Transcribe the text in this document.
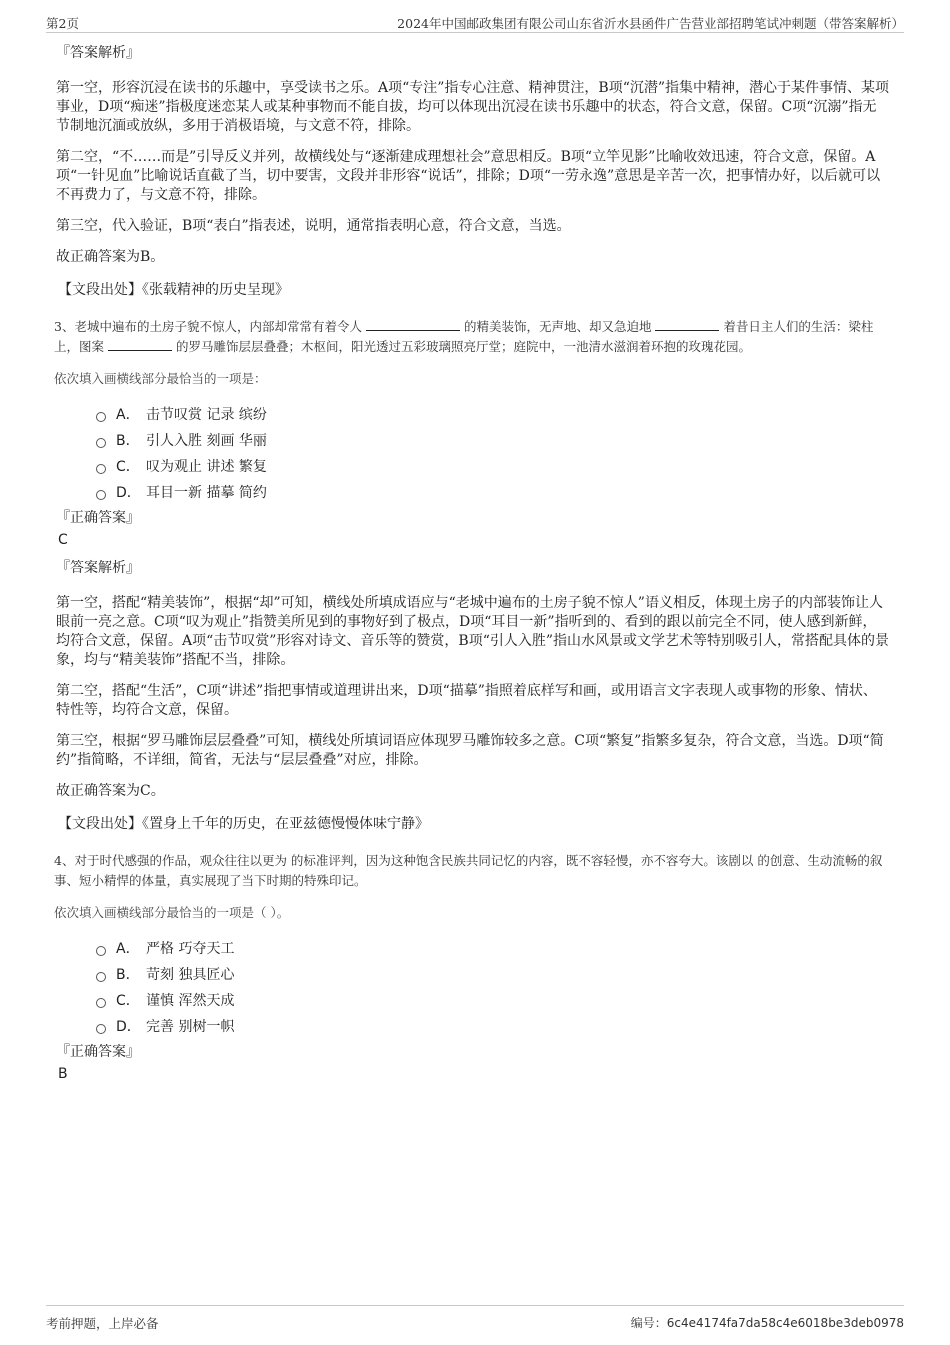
第2页	2024年中国邮政集团有限公司山东省沂水县函件广告营业部招聘笔试冲刺题（带答案解析）
『答案解析』

第一空，形容沉浸在读书的乐趣中，享受读书之乐。A项“专注”指专心注意、精神贯注，B项“沉潜”指集中精神，潜心于某件事情、某项事业，D项“痴迷”指极度迷恋某人或某种事物而不能自拔，均可以体现出沉浸在读书乐趣中的状态，符合文意，保留。C项“沉溺”指无节制地沉湎或放纵，多用于消极语境，与文意不符，排除。

第二空，“不……而是”引导反义并列，故横线处与“逐渐建成理想社会”意思相反。B项“立竿见影”比喻收效迅速，符合文意，保留。A项“一针见血”比喻说话直截了当，切中要害，文段并非形容“说话”，排除；D项“一劳永逸”意思是辛苦一次，把事情办好，以后就可以不再费力了，与文意不符，排除。

第三空，代入验证，B项“表白”指表述，说明，通常指表明心意，符合文意，当选。

故正确答案为B。

【文段出处】《张载精神的历史呈现》

3、老城中遍布的土房子貌不惊人，内部却常常有着令人	的精美装饰，无声地、却又急迫地	着昔日主人们的生活：梁柱上，图案	的罗马雕饰层层叠叠；木枢间，阳光透过五彩玻璃照亮厅堂；庭院中，一池清水滋润着环抱的玫瑰花园。
依次填入画横线部分最恰当的一项是：
A． 击节叹赏 记录 缤纷
B． 引人入胜 刻画 华丽
C． 叹为观止 讲述 繁复
D． 耳目一新 描摹 简约
『正确答案』
C
『答案解析』

第一空，搭配“精美装饰”，根据“却”可知，横线处所填成语应与“老城中遍布的土房子貌不惊人”语义相反，体现土房子的内部装饰让人眼前一亮之意。C项“叹为观止”指赞美所见到的事物好到了极点，D项“耳目一新”指听到的、看到的跟以前完全不同，使人感到新鲜，均符合文意，保留。A项“击节叹赏”形容对诗文、音乐等的赞赏，B项“引人入胜”指山水风景或文学艺术等特别吸引人，常搭配具体的景象，均与“精美装饰”搭配不当，排除。

第二空，搭配“生活”，C项“讲述”指把事情或道理讲出来，D项“描摹”指照着底样写和画，或用语言文字表现人或事物的形象、情状、特性等，均符合文意，保留。

第三空，根据“罗马雕饰层层叠叠”可知，横线处所填词语应体现罗马雕饰较多之意。C项“繁复”指繁多复杂，符合文意，当选。D项“简约”指简略，不详细，简省，无法与“层层叠叠”对应，排除。

故正确答案为C。

【文段出处】《置身上千年的历史，在亚兹德慢慢体味宁静》

4、对于时代感强的作品，观众往往以更为 的标准评判，因为这种饱含民族共同记忆的内容，既不容轻慢，亦不容夸大。该剧以 的创意、生动流畅的叙事、短小精悍的体量，真实展现了当下时期的特殊印记。
依次填入画横线部分最恰当的一项是（ ）。
A． 严格 巧夺天工
B． 苛刻 独具匠心
C． 谨慎 浑然天成
D． 完善 别树一帜
『正确答案』
B
考前押题，上岸必备	编号：6c4e4174fa7da58c4e6018be3deb0978
